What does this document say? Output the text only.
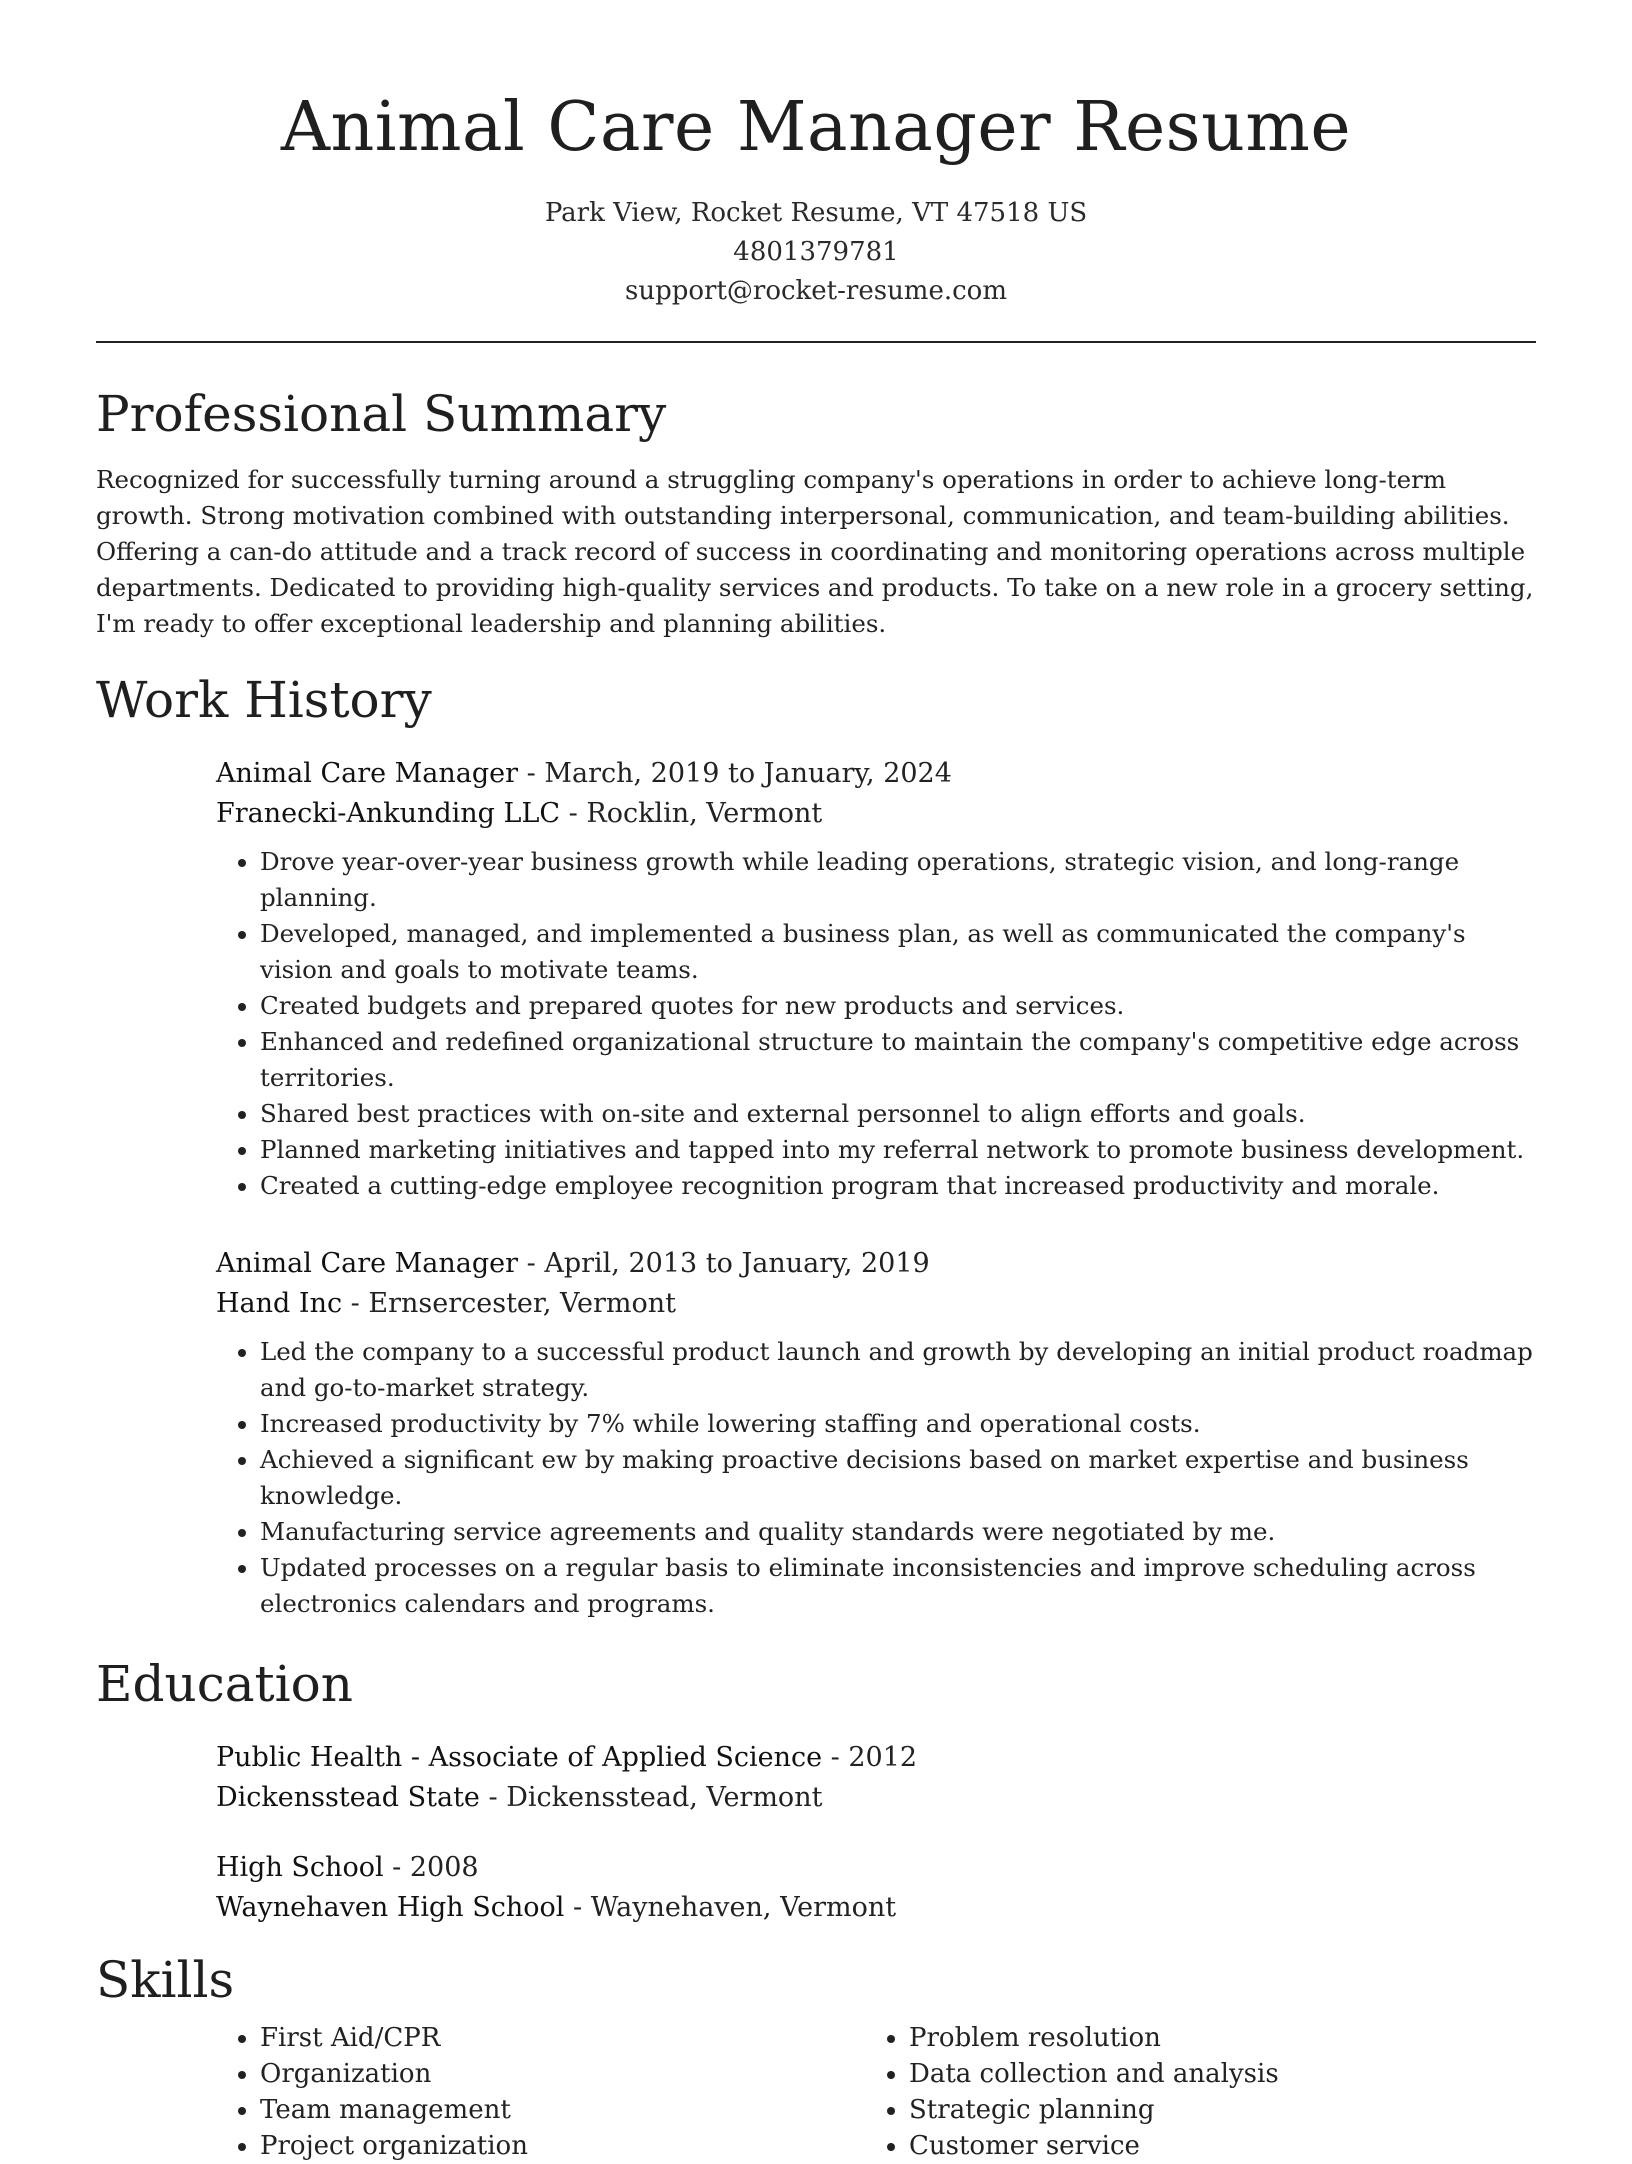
Animal Care Manager Resume
Park View, Rocket Resume, VT 47518 US
4801379781
support@rocket-resume.com
Professional Summary

Recognized for successfully turning around a struggling company's operations in order to achieve long-term growth. Strong motivation combined with outstanding interpersonal, communication, and team-building abilities. Offering a can-do attitude and a track record of success in coordinating and monitoring operations across multiple departments. Dedicated to providing high-quality services and products. To take on a new role in a grocery setting, I'm ready to offer exceptional leadership and planning abilities.

Work History
Animal Care Manager - March, 2019 to January, 2024
Franecki-Ankunding LLC - Rocklin, Vermont
• Drove year-over-year business growth while leading operations, strategic vision, and long-range planning.
• Developed, managed, and implemented a business plan, as well as communicated the company's vision and goals to motivate teams.
• Created budgets and prepared quotes for new products and services.
• Enhanced and redefined organizational structure to maintain the company's competitive edge across territories.
• Shared best practices with on-site and external personnel to align efforts and goals.
• Planned marketing initiatives and tapped into my referral network to promote business development.
• Created a cutting-edge employee recognition program that increased productivity and morale.
Animal Care Manager - April, 2013 to January, 2019
Hand Inc - Ernsercester, Vermont
• Led the company to a successful product launch and growth by developing an initial product roadmap and go-to-market strategy.
• Increased productivity by 7% while lowering staffing and operational costs.
• Achieved a significant ew by making proactive decisions based on market expertise and business knowledge.
• Manufacturing service agreements and quality standards were negotiated by me.
• Updated processes on a regular basis to eliminate inconsistencies and improve scheduling across electronics calendars and programs.
Education
Public Health - Associate of Applied Science - 2012
Dickensstead State - Dickensstead, Vermont
High School - 2008
Waynehaven High School - Waynehaven, Vermont
Skills
• First Aid/CPR
• Organization
• Team management
• Project organization
• Problem resolution
• Data collection and analysis
• Strategic planning
• Customer service
